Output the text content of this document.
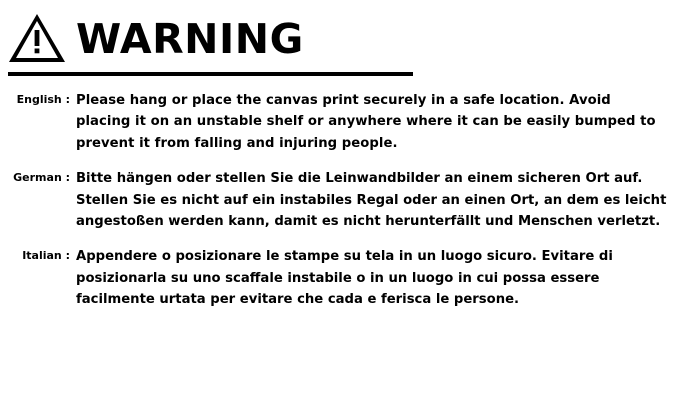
WARNING
English : Please hang or place the canvas print securely in a safe location. Avoid placing it on an unstable shelf or anywhere where it can be easily bumped to prevent it from falling and injuring people.
German : Bitte hängen oder stellen Sie die Leinwandbilder an einem sicheren Ort auf. Stellen Sie es nicht auf ein instabiles Regal oder an einen Ort, an dem es leicht angestoßen werden kann, damit es nicht herunterfällt und Menschen verletzt.
Italian : Appendere o posizionare le stampe su tela in un luogo sicuro. Evitare di posizionarla su uno scaffale instabile o in un luogo in cui possa essere facilmente urtata per evitare che cada e ferisca le persone.
